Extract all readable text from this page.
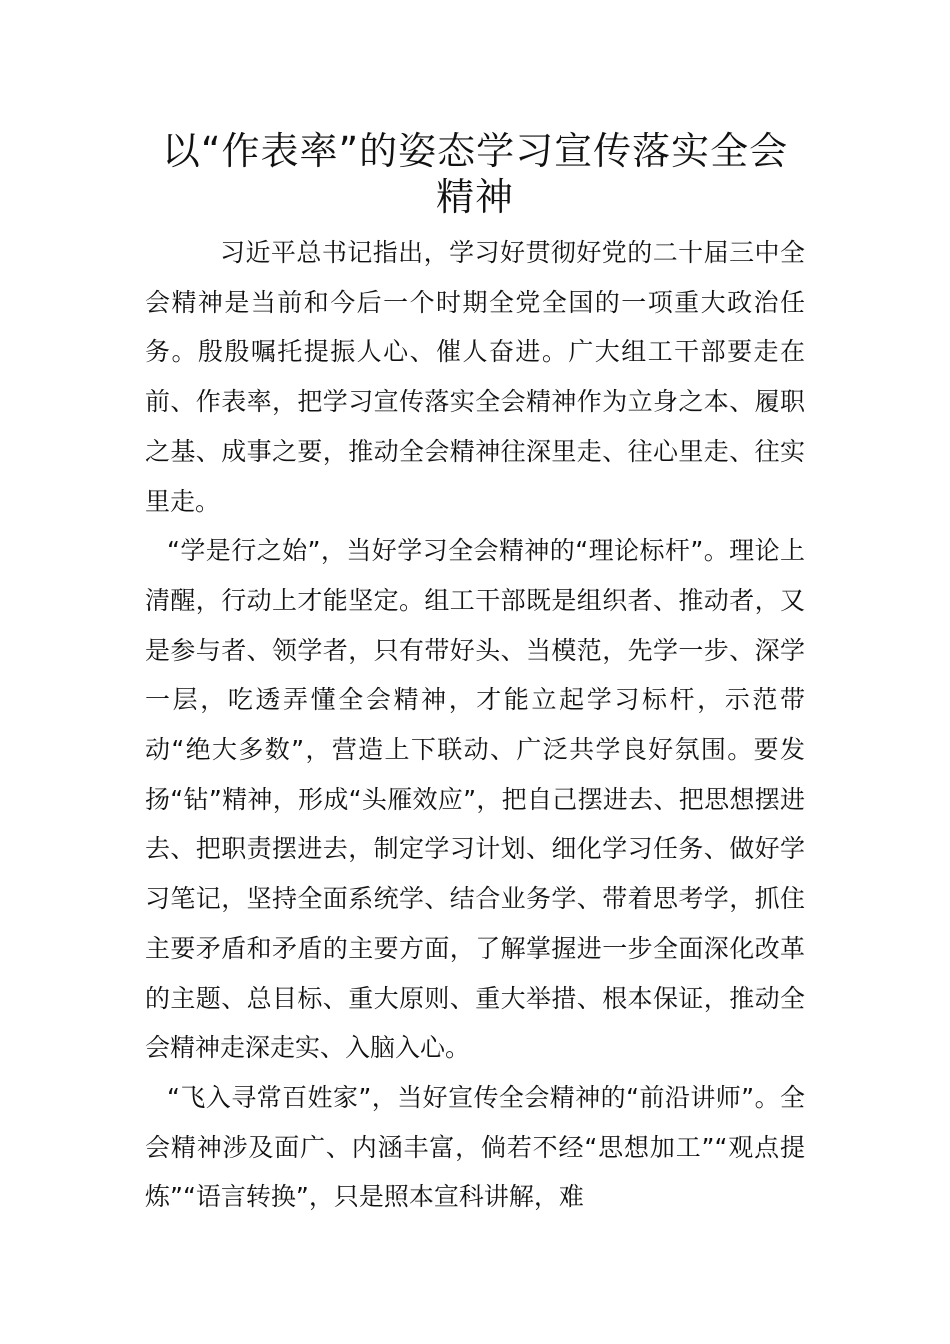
以“作表率”的姿态学习宣传落实全会精神

习近平总书记指出，学习好贯彻好党的二十届三中全会精神是当前和今后一个时期全党全国的一项重大政治任务。殷殷嘱托提振人心、催人奋进。广大组工干部要走在前、作表率，把学习宣传落实全会精神作为立身之本、履职之基、成事之要，推动全会精神往深里走、往心里走、往实里走。

“学是行之始”，当好学习全会精神的“理论标杆”。理论上清醒，行动上才能坚定。组工干部既是组织者、推动者，又是参与者、领学者，只有带好头、当模范，先学一步、深学一层，吃透弄懂全会精神，才能立起学习标杆，示范带动“绝大多数”，营造上下联动、广泛共学良好氛围。要发扬“钻”精神，形成“头雁效应”，把自己摆进去、把思想摆进去、把职责摆进去，制定学习计划、细化学习任务、做好学习笔记，坚持全面系统学、结合业务学、带着思考学，抓住主要矛盾和矛盾的主要方面，了解掌握进一步全面深化改革的主题、总目标、重大原则、重大举措、根本保证，推动全会精神走深走实、入脑入心。

“飞入寻常百姓家”，当好宣传全会精神的“前沿讲师”。全会精神涉及面广、内涵丰富，倘若不经“思想加工”“观点提炼”“语言转换”，只是照本宣科讲解，难
